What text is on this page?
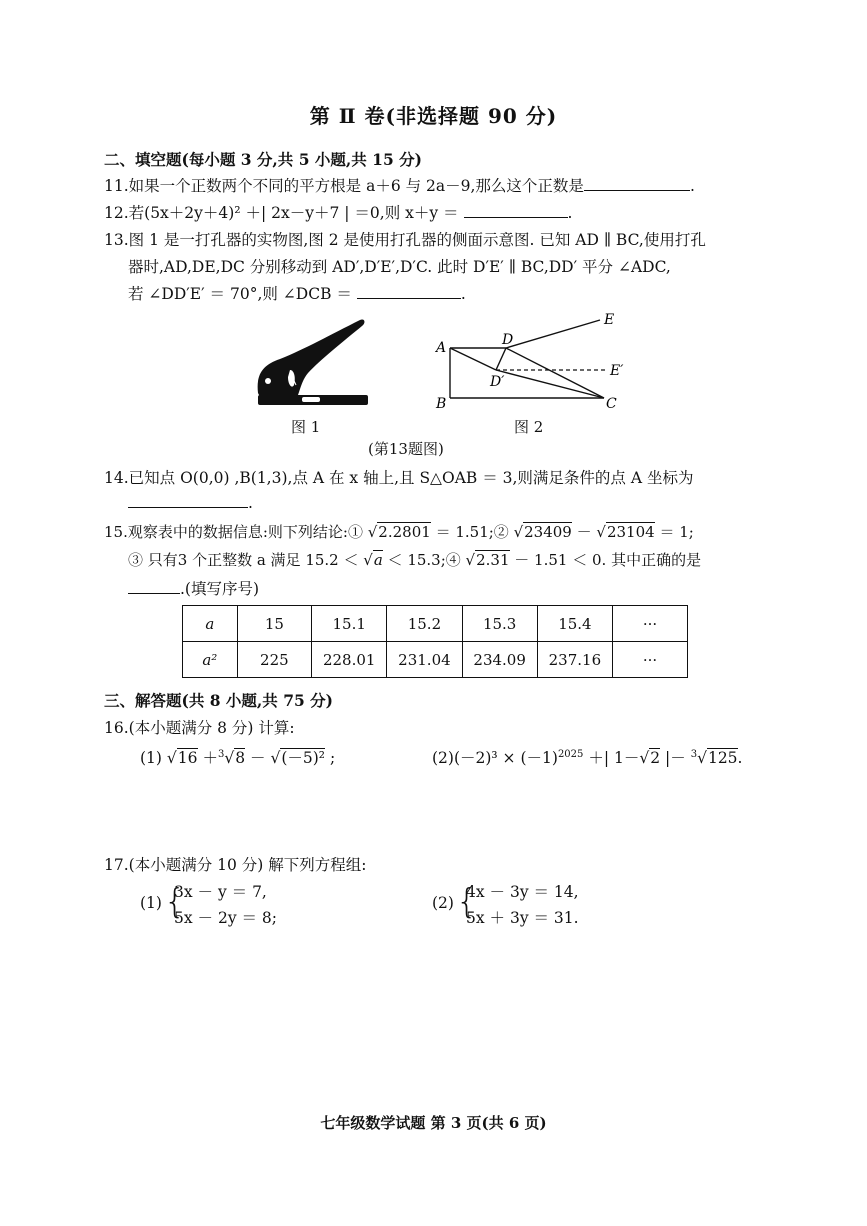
第 Ⅱ 卷(非选择题 90 分)
二、填空题(每小题 3 分,共 5 小题,共 15 分)
11.如果一个正数两个不同的平方根是 a＋6 与 2a－9,那么这个正数是	.
12.若(5x＋2y＋4)² ＋| 2x－y＋7 | ＝0,则 x＋y ＝	.
13.图 1 是一打孔器的实物图,图 2 是使用打孔器的侧面示意图. 已知 AD ∥ BC,使用打孔
器时,AD,DE,DC 分别移动到 AD′,D′E′,D′C. 此时 D′E′ ∥ BC,DD′ 平分 ∠ADC,
若 ∠DD′E′ ＝ 70°,则 ∠DCB ＝	.
图 1
A
B	C
D
E
D′
E′
图 2
(第13题图)
14.已知点 O(0,0) ,B(1,3),点 A 在 x 轴上,且 S△OAB ＝ 3,则满足条件的点 A 坐标为
.
15.观察表中的数据信息:则下列结论:① √2.2801 ＝ 1.51;② √23409 － √23104 ＝ 1;
③ 只有3 个正整数 a 满足 15.2 ＜ √a ＜ 15.3;④ √2.31 － 1.51 ＜ 0. 其中正确的是
.(填写序号)
a	15	15.1	15.2	15.3	15.4	···
a²	225	228.01	231.04	234.09	237.16	···
三、解答题(共 8 小题,共 75 分)
16.(本小题满分 8 分) 计算:
(1) √16 ＋$^3$√8 － √(－5)² ;	$(2)(-2)^3 \times (-1)^{2025}$ ＋| 1－√2 |－ $^3$√125.
17.(本小题满分 10 分) 解下列方程组:
(1) {
3x － y ＝ 7,
5x － 2y ＝ 8;
(2) {
4x － 3y ＝ 14,
5x ＋ 3y ＝ 31.
七年级数学试题 第 3 页(共 6 页)
